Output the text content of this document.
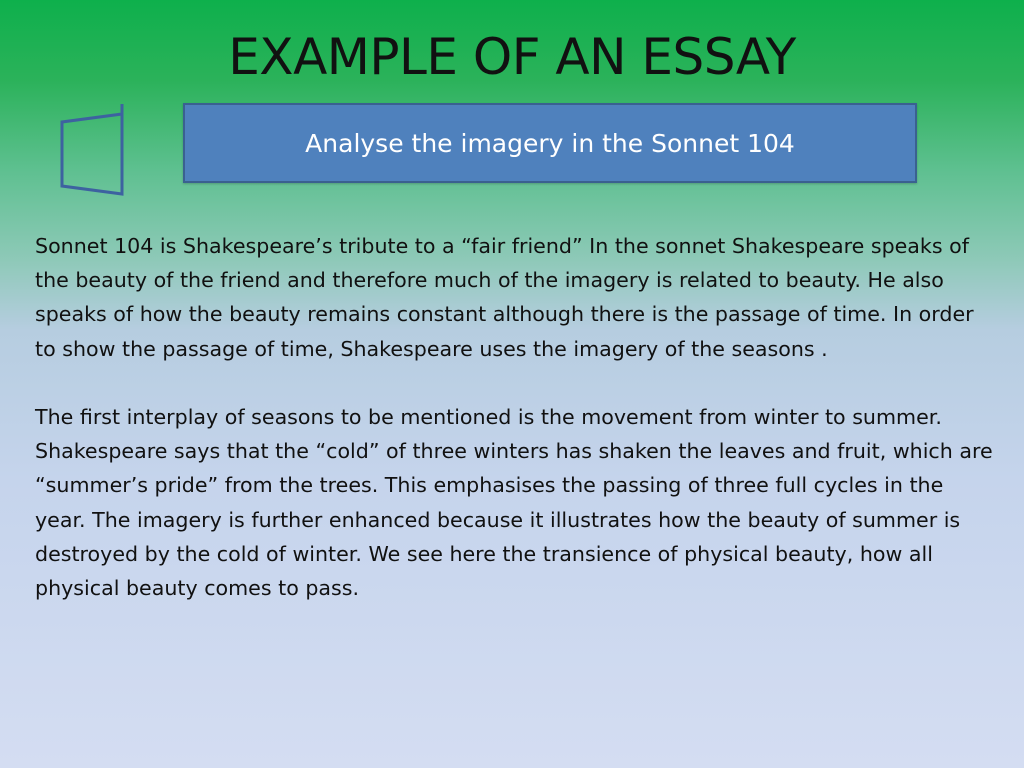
EXAMPLE OF AN ESSAY
Analyse the imagery in the Sonnet 104

Sonnet 104 is Shakespeare’s tribute to a “fair friend” In the sonnet Shakespeare speaks of the beauty of the friend and therefore much of the imagery is related to beauty. He also speaks of how the beauty remains constant although there is the passage of time. In order to show the passage of time, Shakespeare uses the imagery of the seasons .

The first interplay of seasons to be mentioned is the movement from winter to summer. Shakespeare says that the “cold” of three winters has shaken the leaves and fruit, which are “summer’s pride” from the trees. This emphasises the passing of three full cycles in the year. The imagery is further enhanced because it illustrates how the beauty of summer is destroyed by the cold of winter. We see here the transience of physical beauty, how all physical beauty comes to pass.
